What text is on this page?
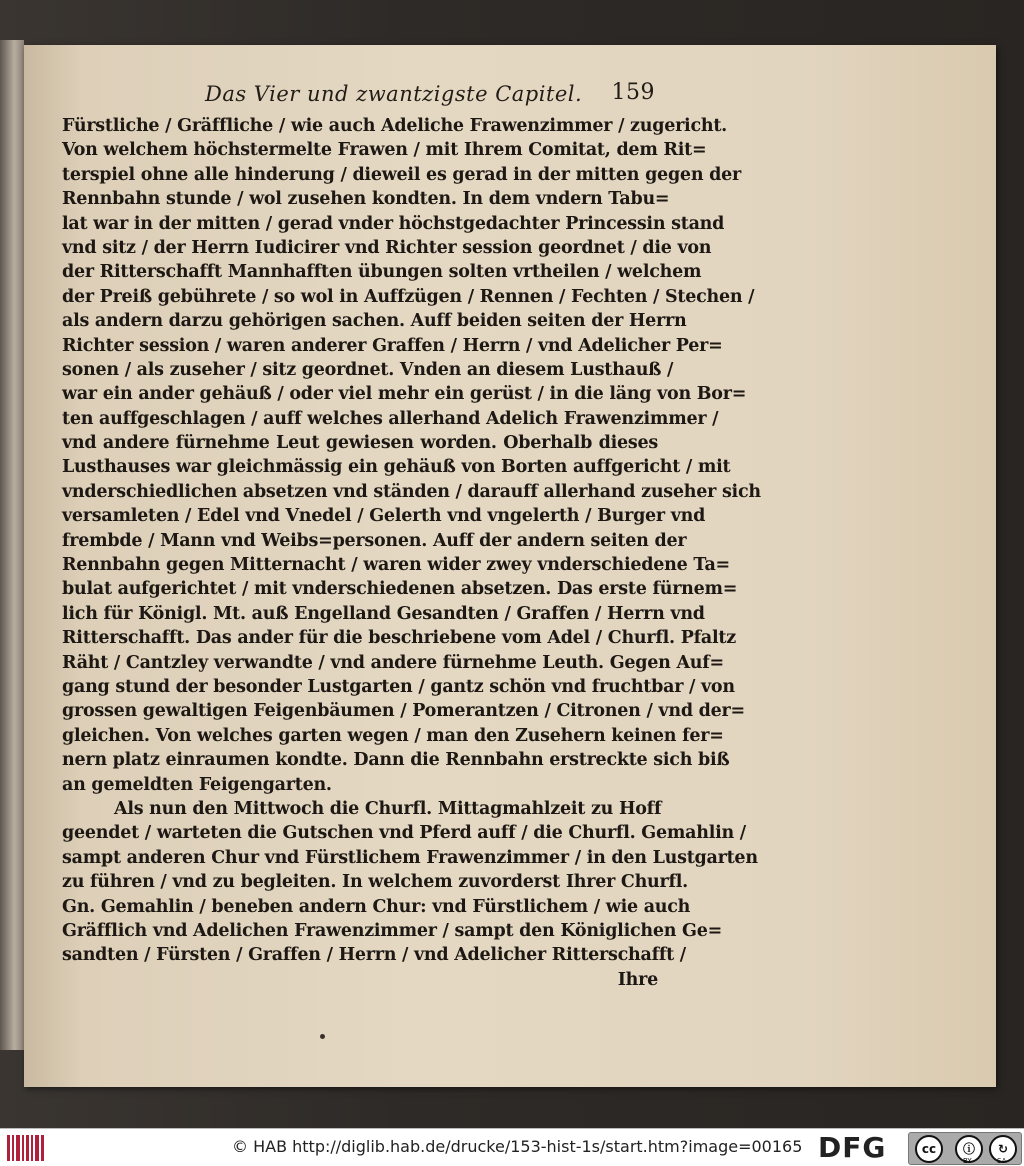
Das Vier und zwantzigste Capitel. 159
Fürstliche / Gräffliche / wie auch Adeliche Frawenzimmer / zugericht.
Von welchem höchstermelte Frawen / mit Ihrem Comitat, dem Rit=
terspiel ohne alle hinderung / dieweil es gerad in der mitten gegen der
Rennbahn stunde / wol zusehen kondten. In dem vndern Tabu=
lat war in der mitten / gerad vnder höchstgedachter Princessin stand
vnd sitz / der Herrn Iudicirer vnd Richter session geordnet / die von
der Ritterschafft Mannhafften übungen solten vrtheilen / welchem
der Preiß gebührete / so wol in Auffzügen / Rennen / Fechten / Stechen /
als andern darzu gehörigen sachen. Auff beiden seiten der Herrn
Richter session / waren anderer Graffen / Herrn / vnd Adelicher Per=
sonen / als zuseher / sitz geordnet. Vnden an diesem Lusthauß /
war ein ander gehäuß / oder viel mehr ein gerüst / in die läng von Bor=
ten auffgeschlagen / auff welches allerhand Adelich Frawenzimmer /
vnd andere fürnehme Leut gewiesen worden. Oberhalb dieses
Lusthauses war gleichmässig ein gehäuß von Borten auffgericht / mit
vnderschiedlichen absetzen vnd ständen / darauff allerhand zuseher sich
versamleten / Edel vnd Vnedel / Gelerth vnd vngelerth / Burger vnd
frembde / Mann vnd Weibs=personen. Auff der andern seiten der
Rennbahn gegen Mitternacht / waren wider zwey vnderschiedene Ta=
bulat aufgerichtet / mit vnderschiedenen absetzen. Das erste fürnem=
lich für Königl. Mt. auß Engelland Gesandten / Graffen / Herrn vnd
Ritterschafft. Das ander für die beschriebene vom Adel / Churfl. Pfaltz
Räht / Cantzley verwandte / vnd andere fürnehme Leuth. Gegen Auf=
gang stund der besonder Lustgarten / gantz schön vnd fruchtbar / von
grossen gewaltigen Feigenbäumen / Pomerantzen / Citronen / vnd der=
gleichen. Von welches garten wegen / man den Zusehern keinen fer=
nern platz einraumen kondte. Dann die Rennbahn erstreckte sich biß
an gemeldten Feigengarten.
Als nun den Mittwoch die Churfl. Mittagmahlzeit zu Hoff
geendet / warteten die Gutschen vnd Pferd auff / die Churfl. Gemahlin /
sampt anderen Chur vnd Fürstlichem Frawenzimmer / in den Lustgarten
zu führen / vnd zu begleiten. In welchem zuvorderst Ihrer Churfl.
Gn. Gemahlin / beneben andern Chur: vnd Fürstlichem / wie auch
Gräfflich vnd Adelichen Frawenzimmer / sampt den Königlichen Ge=
sandten / Fürsten / Graffen / Herrn / vnd Adelicher Ritterschafft /
Ihre
© HAB http://diglib.hab.de/drucke/153-hist-1s/start.htm?image=00165 DFG	cc	ⓘ	↻
BY	SA
